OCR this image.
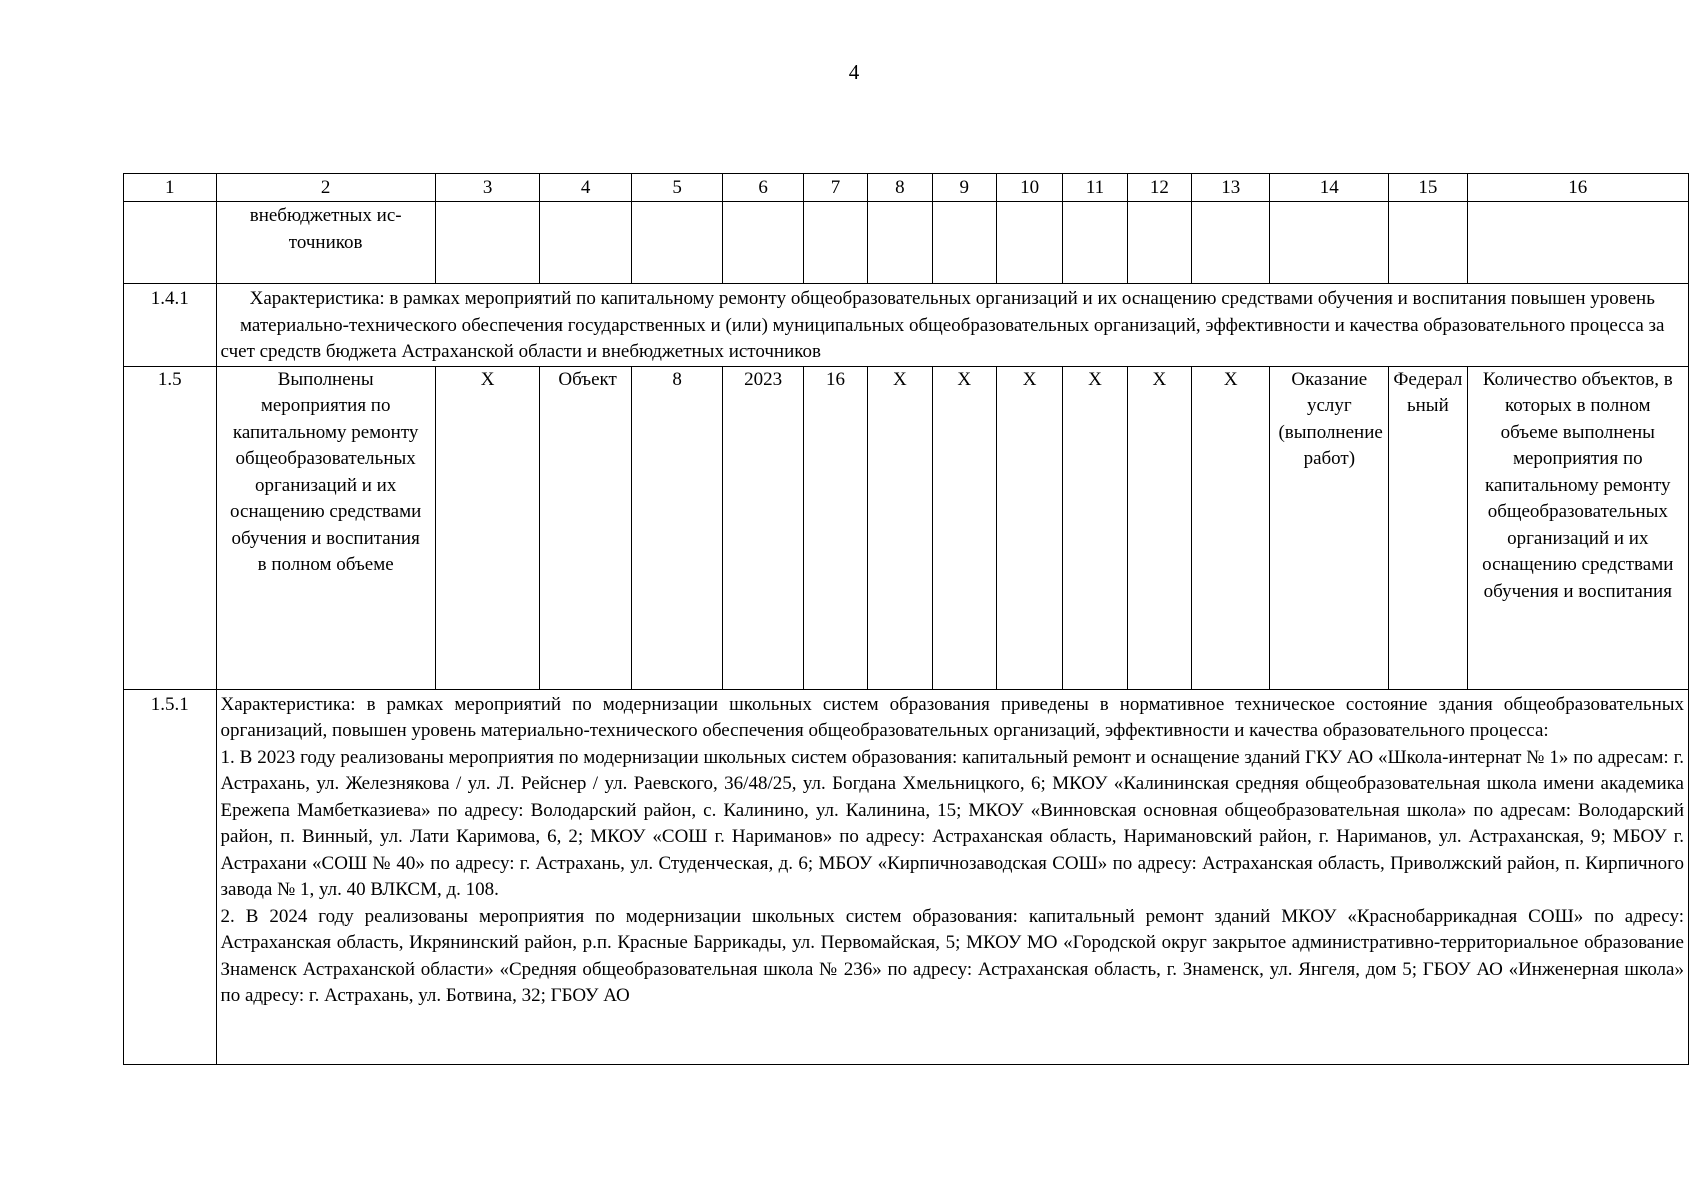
4
1	2	3	4	5	6	7	8	9	10	11	12	13	14	15	16
	внебюджетных ис-точников														
1.4.1	Характеристика: в рамках мероприятий по капитальному ремонту общеобразовательных организаций и их оснащению средствами обучения и воспитания повышен уровень материально-технического обеспечения государственных и (или) муниципальных общеобразовательных организаций, эффективности и качества образовательного процесса за счет средств бюджета Астраханской области и внебюджетных источников														
1.5	Выполнены мероприятия по капитальному ремонту общеобразовательных организаций и их оснащению средствами обучения и воспитания в полном объеме	Х	Объект	8	2023	16	Х	Х	Х	Х	Х	Х	Оказание услуг (выполнение работ)	Федеральный	Количество объектов, в которых в полном объеме выполнены мероприятия по капитальному ремонту общеобразовательных организаций и их оснащению средствами обучения и воспитания
1.5.1	Характеристика: в рамках мероприятий по модернизации школьных систем образования приведены в нормативное техническое состояние здания общеобразовательных организаций, повышен уровень материально-технического обеспечения общеобразовательных организаций, эффективности и качества образовательного процесса:

1. В 2023 году реализованы мероприятия по модернизации школьных систем образования: капитальный ремонт и оснащение зданий ГКУ АО «Школа-интернат № 1» по адресам: г. Астрахань, ул. Железнякова / ул. Л. Рейснер / ул. Раевского, 36/48/25, ул. Богдана Хмельницкого, 6; МКОУ «Калининская средняя общеобразовательная школа имени академика Ережепа Мамбетказиева» по адресу: Володарский район, с. Калинино, ул. Калинина, 15; МКОУ «Винновская основная общеобразовательная школа» по адресам: Володарский район, п. Винный, ул. Лати Каримова, 6, 2; МКОУ «СОШ г. Нариманов» по адресу: Астраханская область, Наримановский район, г. Нариманов, ул. Астраханская, 9; МБОУ г. Астрахани «СОШ № 40» по адресу: г. Астрахань, ул. Студенческая, д. 6; МБОУ «Кирпичнозаводская СОШ» по адресу: Астраханская область, Приволжский район, п. Кирпичного завода № 1, ул. 40 ВЛКСМ, д. 108.

2. В 2024 году реализованы мероприятия по модернизации школьных систем образования: капитальный ремонт зданий МКОУ «Краснобаррикадная СОШ» по адресу: Астраханская область, Икрянинский район, р.п. Красные Баррикады, ул. Первомайская, 5; МКОУ МО «Городской округ закрытое административно-территориальное образование Знаменск Астраханской области» «Средняя общеобразовательная школа № 236» по адресу: Астраханская область, г. Знаменск, ул. Янгеля, дом 5; ГБОУ АО «Инженерная школа» по адресу: г. Астрахань, ул. Ботвина, 32; ГБОУ АО														
